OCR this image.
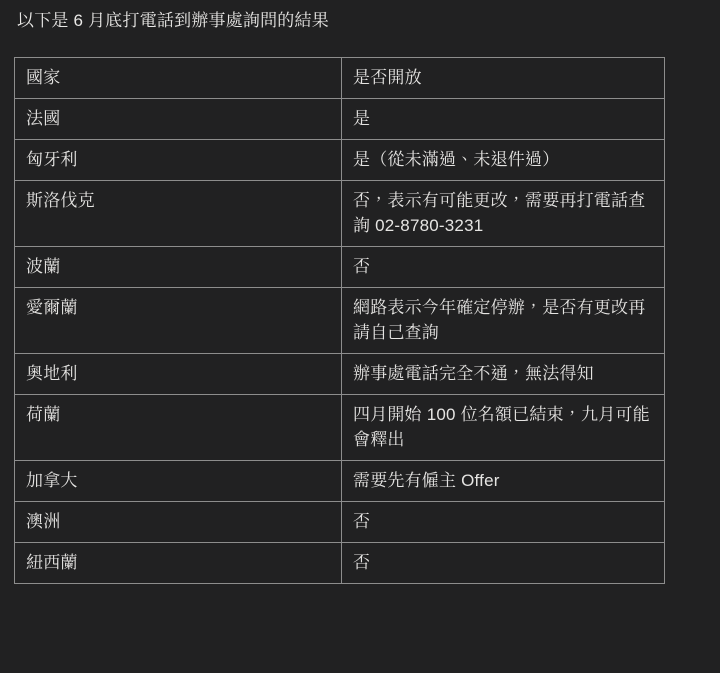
以下是 6 月底打電話到辦事處詢問的結果

國家	是否開放
法國	是
匈牙利	是（從未滿過、未退件過）
斯洛伐克	否，表示有可能更改，需要再打電話查詢 02-8780-3231
波蘭	否
愛爾蘭	網路表示今年確定停辦，是否有更改再請自己查詢
奧地利	辦事處電話完全不通，無法得知
荷蘭	四月開始 100 位名額已結束，九月可能會釋出
加拿大	需要先有僱主 Offer
澳洲	否
紐西蘭	否
